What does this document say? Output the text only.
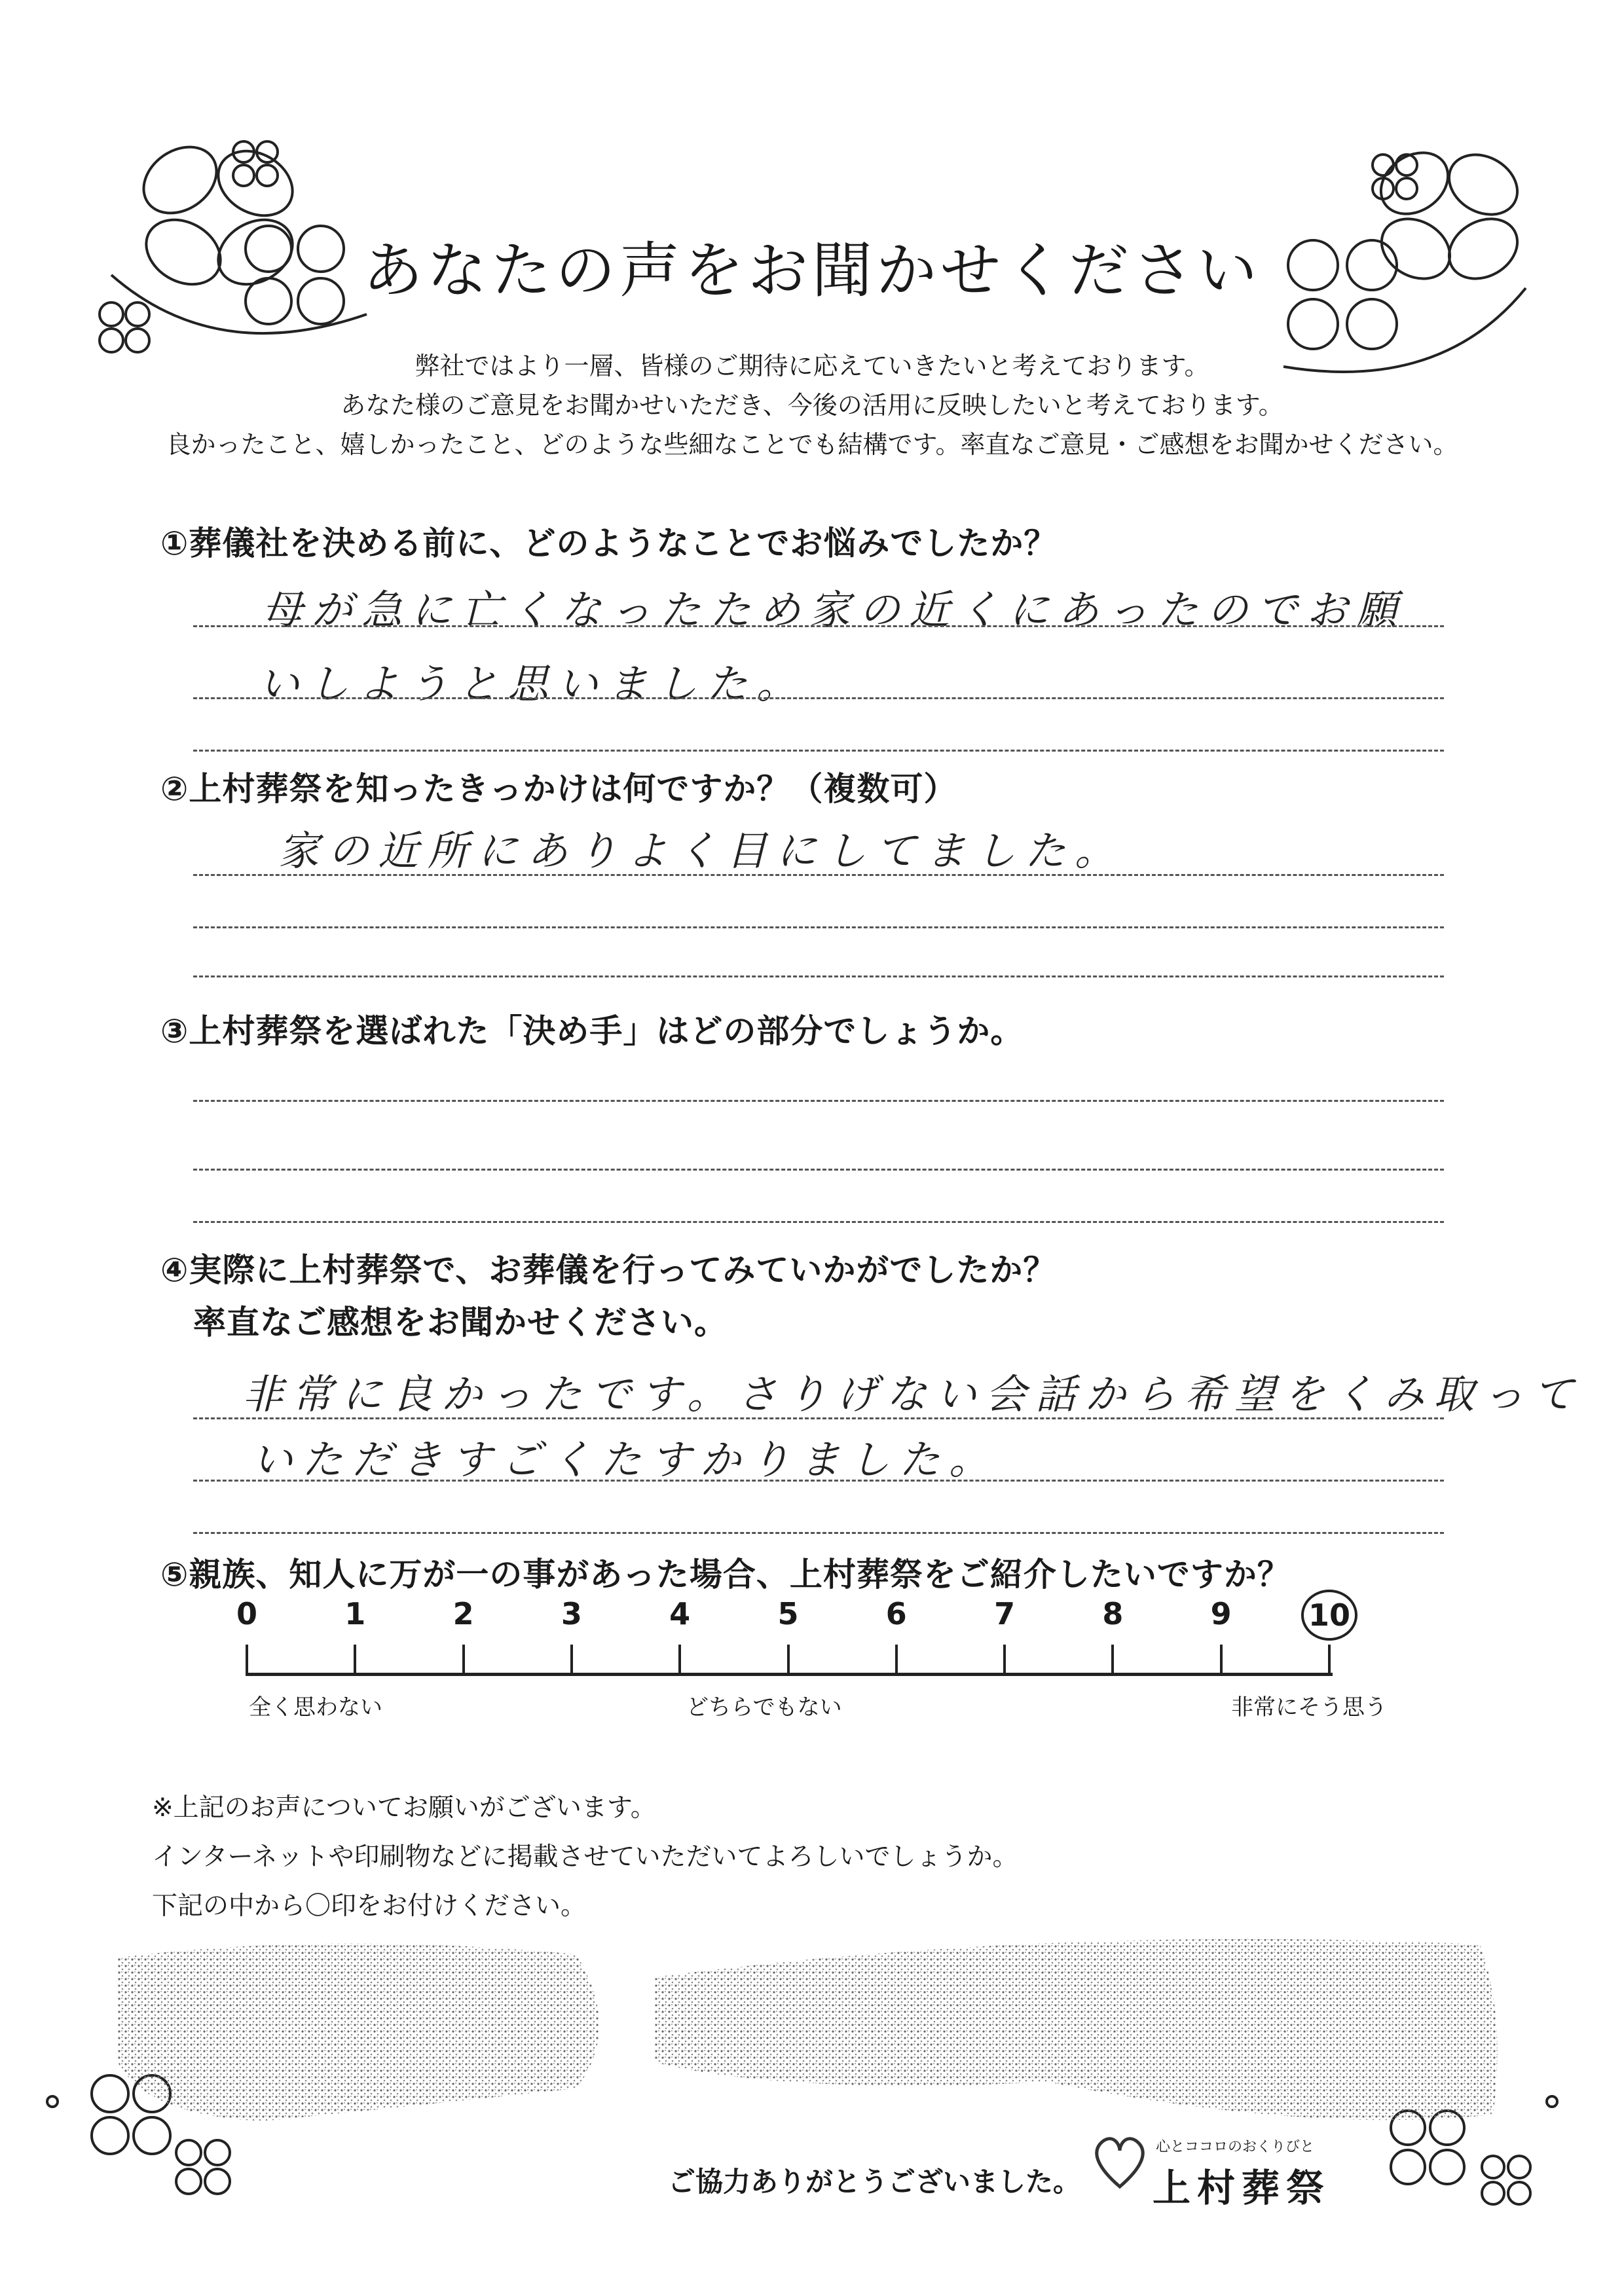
あなたの声をお聞かせください
弊社ではより一層、皆様のご期待に応えていきたいと考えております。
あなた様のご意見をお聞かせいただき、今後の活用に反映したいと考えております。
良かったこと、嬉しかったこと、どのような些細なことでも結構です。率直なご意見・ご感想をお聞かせください。
①葬儀社を決める前に、どのようなことでお悩みでしたか？
母が急に亡くなったため家の近くにあったのでお願
いしようと思いました。
②上村葬祭を知ったきっかけは何ですか？（複数可）
家の近所にありよく目にしてました。
③上村葬祭を選ばれた「決め手」はどの部分でしょうか。
④実際に上村葬祭で、お葬儀を行ってみていかがでしたか？
率直なご感想をお聞かせください。
非常に良かったです。さりげない会話から希望をくみ取って
いただきすごくたすかりました。
⑤親族、知人に万が一の事があった場合、上村葬祭をご紹介したいですか？
0	1	2	3	4	5	6	7	8	9	10
全く思わない	どちらでもない	非常にそう思う
※上記のお声についてお願いがございます。
インターネットや印刷物などに掲載させていただいてよろしいでしょうか。
下記の中から〇印をお付けください。
ご協力ありがとうございました。
心とココロのおくりびと
上村葬祭
